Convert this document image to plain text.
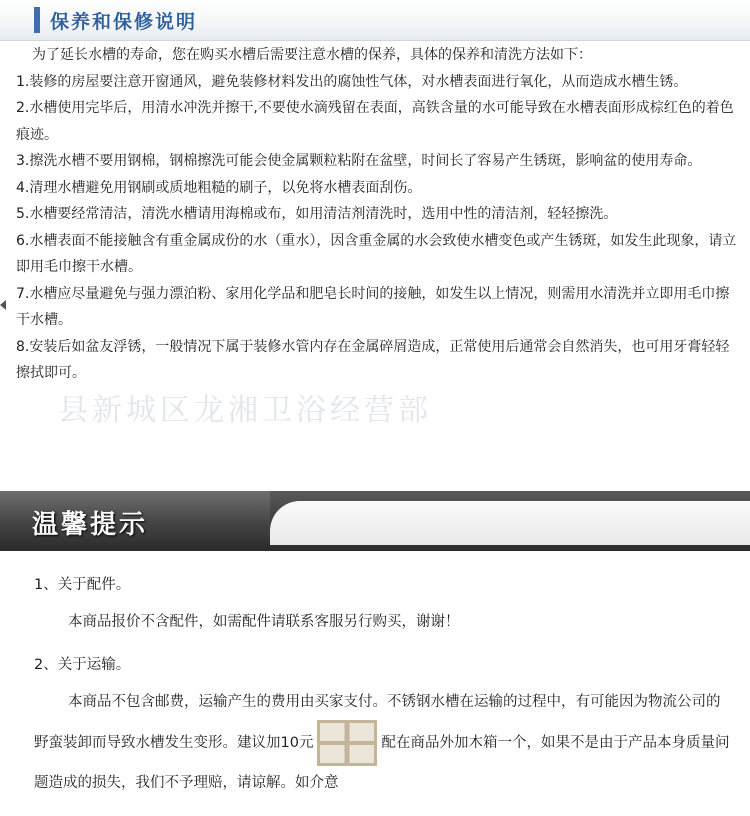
保养和保修说明

为了延长水槽的寿命，您在购买水槽后需要注意水槽的保养，具体的保养和清洗方法如下：

1.装修的房屋要注意开窗通风，避免装修材料发出的腐蚀性气体，对水槽表面进行氧化，从而造成水槽生锈。

2.水槽使用完毕后，用清水冲洗并擦干,不要使水滴残留在表面，高铁含量的水可能导致在水槽表面形成棕红色的着色痕迹。

3.擦洗水槽不要用钢棉，钢棉擦洗可能会使金属颗粒粘附在盆壁，时间长了容易产生锈斑，影响盆的使用寿命。

4.清理水槽避免用钢刷或质地粗糙的刷子，以免将水槽表面刮伤。

5.水槽要经常清洁，清洗水槽请用海棉或布，如用清洁剂清洗时，选用中性的清洁剂，轻轻擦洗。

6.水槽表面不能接触含有重金属成份的水（重水），因含重金属的水会致使水槽变色或产生锈斑，如发生此现象，请立即用毛巾擦干水槽。

7.水槽应尽量避免与强力漂泊粉、家用化学品和肥皂长时间的接触，如发生以上情况，则需用水清洗并立即用毛巾擦干水槽。

8.安装后如盆友浮锈，一般情况下属于装修水管内存在金属碎屑造成，正常使用后通常会自然消失，也可用牙膏轻轻擦拭即可。

县新城区龙湘卫浴经营部
温馨提示
1、关于配件。
本商品报价不含配件，如需配件请联系客服另行购买，谢谢！
2、关于运输。
本商品不包含邮费，运输产生的费用由买家支付。不锈钢水槽在运输的过程中，有可能因为物流公司的野蛮装卸而导致水槽发生变形。建议加10元	配在商品外加木箱一个，如果不是由于产品本身质量问题造成的损失，我们不予理赔，请谅解。如介意
